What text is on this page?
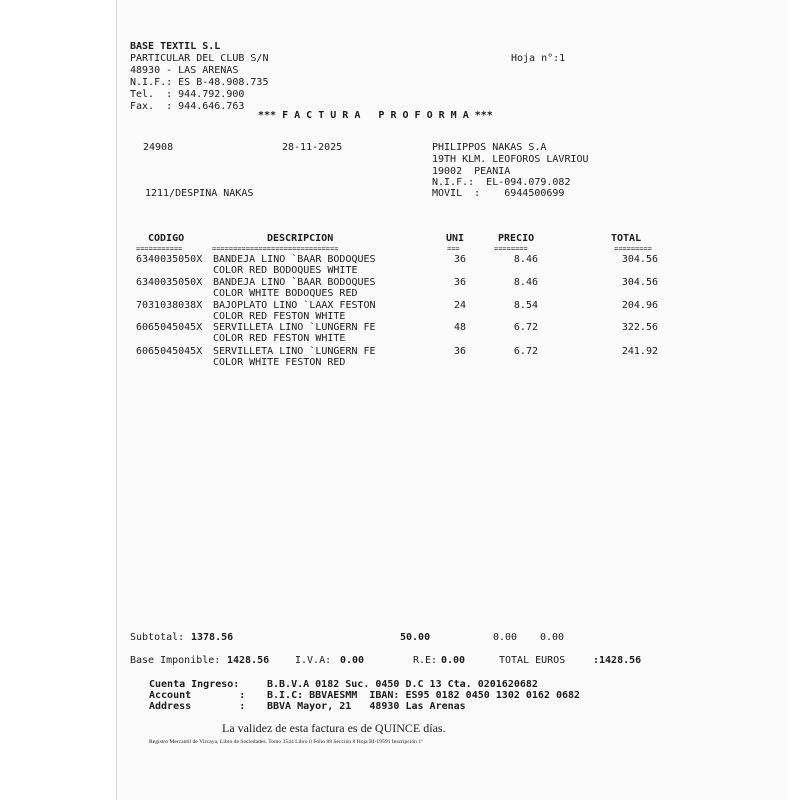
BASE TEXTIL S.L
PARTICULAR DEL CLUB S/N
48930 - LAS ARENAS
N.I.F.: ES B-48.908.735
Tel.  : 944.792.900
Fax.  : 944.646.763
Hoja n°:1
*** F A C T U R A   P R O F O R M A ***
24908	28-11-2025
1211/DESPINA NAKAS
PHILIPPOS NAKAS S.A
19TH KLM. LEOFOROS LAVRIOU
19002  PEANIA
N.I.F.:  EL-094.079.082
MOVIL  :    6944500699
CODIGO	DESCRIPCION	UNI	PRECIO	TOTAL
===========	==============================	===	========	=========
6340035050X BANDEJA LINO `BAAR BODOQUES
COLOR RED BODOQUES WHITE
36	8.46	304.56
6340035050X BANDEJA LINO `BAAR BODOQUES
COLOR WHITE BODOQUES RED
36	8.46	304.56
7031038038X BAJOPLATO LINO `LAAX FESTON
COLOR RED FESTON WHITE
24	8.54	204.96
6065045045X SERVILLETA LINO `LUNGERN FE
COLOR RED FESTON WHITE
48	6.72	322.56
6065045045X SERVILLETA LINO `LUNGERN FE
COLOR WHITE FESTON RED
36	6.72	241.92
Subtotal: 1378.56	50.00	0.00 0.00
Base Imponible: 1428.56	I.V.A: 0.00	R.E: 0.00	TOTAL EUROS	:1428.56
Cuenta Ingreso:	B.B.V.A 0182 Suc. 0450 D.C 13 Cta. 0201620682
Account        : B.I.C: BBVAESMM  IBAN: ES95 0182 0450 1302 0162 0682
Address        : BBVA Mayor, 21   48930 Las Arenas
La validez de esta factura es de QUINCE días.
Registro Mercantil de Vizcaya, Libro de Sociedades. Tomo 3544 Libro 0 Folio 88 Sección 8 Hoja BI-19591 Inscripción 1ª
